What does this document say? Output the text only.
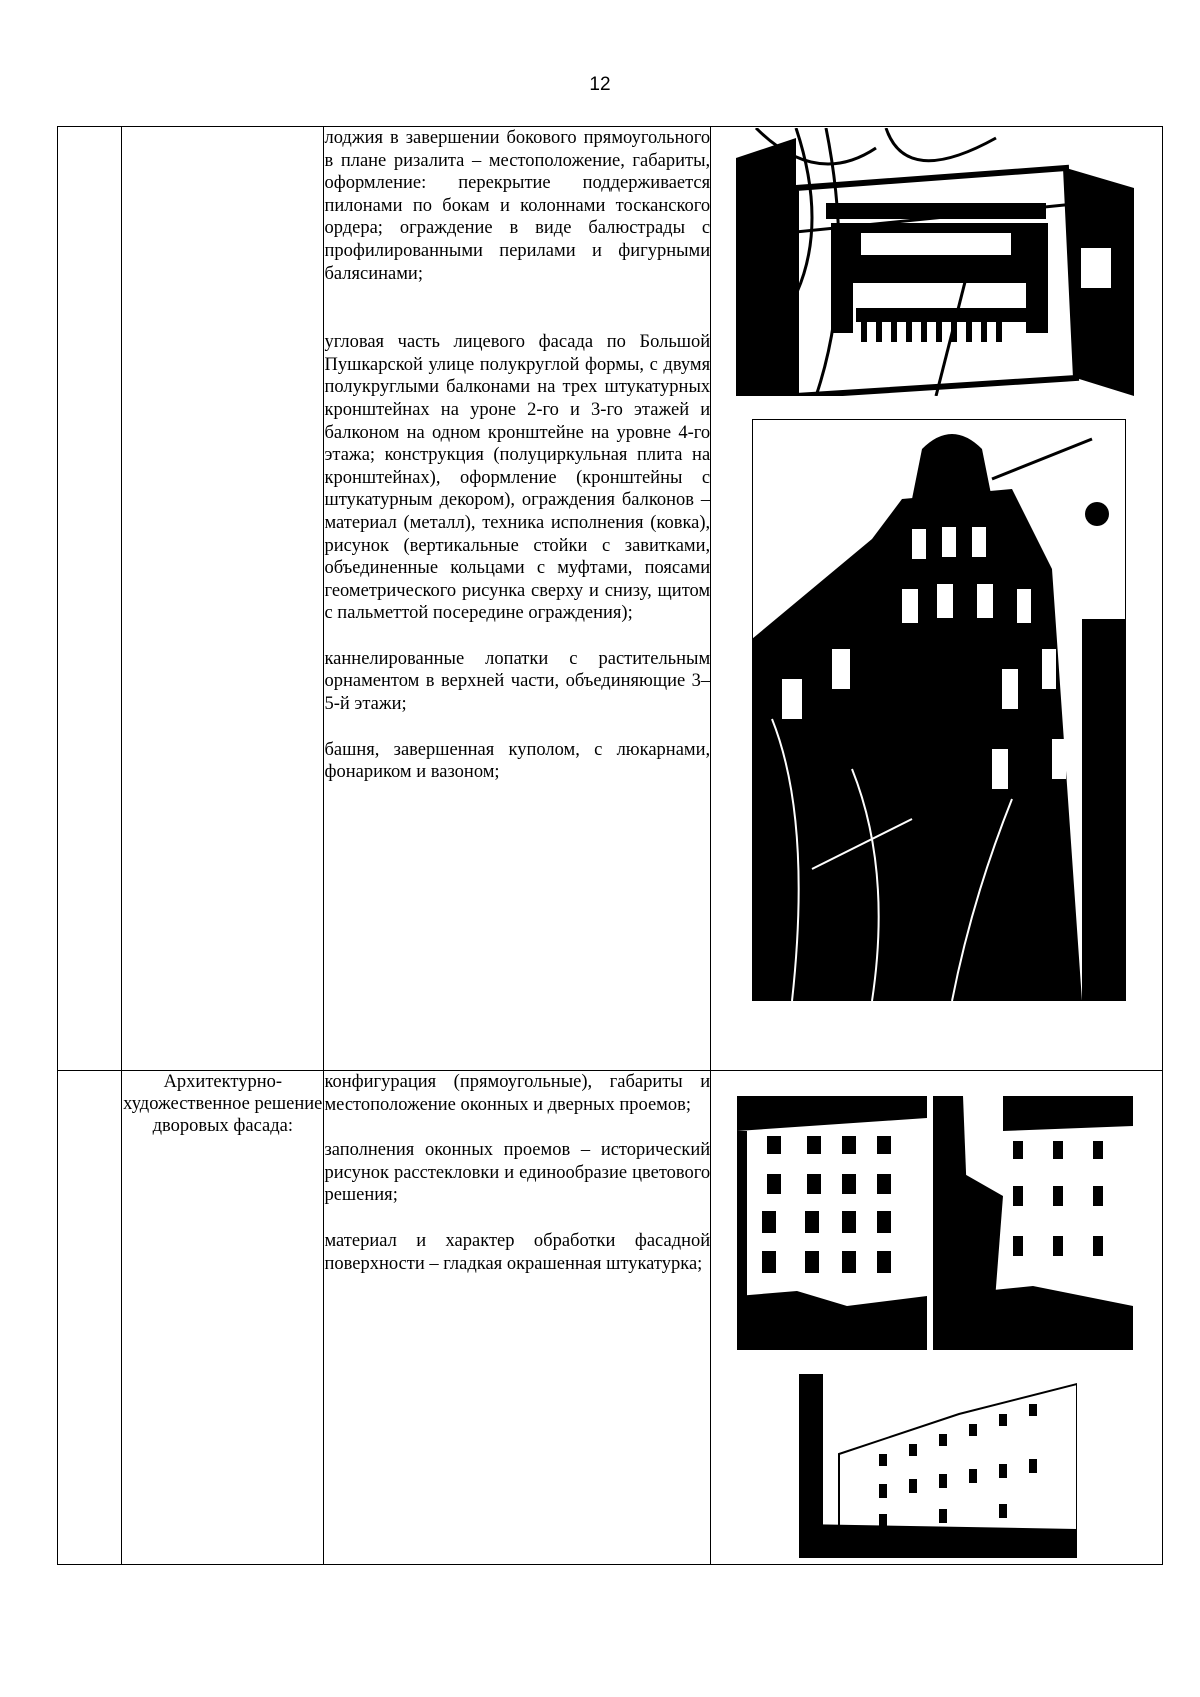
12

		лоджия в завершении бокового прямоугольного в плане ризалита – местоположение, габариты, оформление: перекрытие поддерживается пилонами по бокам и колоннами тосканского ордера; ограждение в виде балюстрады с профилированными перилами и фигурными балясинами;

угловая часть лицевого фасада по Большой Пушкарской улице полукруглой формы, с двумя полукруглыми балконами на трех штукатурных кронштейнах на уроне 2-го и 3-го этажей и балконом на одном кронштейне на уровне 4-го этажа; конструкция (полуциркульная плита на кронштейнах), оформление (кронштейны с штукатурным декором), ограждения балконов – материал (металл), техника исполнения (ковка), рисунок (вертикальные стойки с завитками, объединенные кольцами с муфтами, поясами геометрического рисунка сверху и снизу, щитом с пальметтой посередине ограждения);

каннелированные лопатки с растительным орнаментом в верхней части, объединяющие 3–5-й этажи;

башня, завершенная куполом, с люкарнами, фонариком и вазоном;	

	Архитектурно-художественное решение дворовых фасада:	конфигурация (прямоугольные), габариты и местоположение оконных и дверных проемов;

заполнения оконных проемов – исторический рисунок расстекловки и единообразие цветового решения;

материал и характер обработки фасадной поверхности – гладкая окрашенная штукатурка;	
